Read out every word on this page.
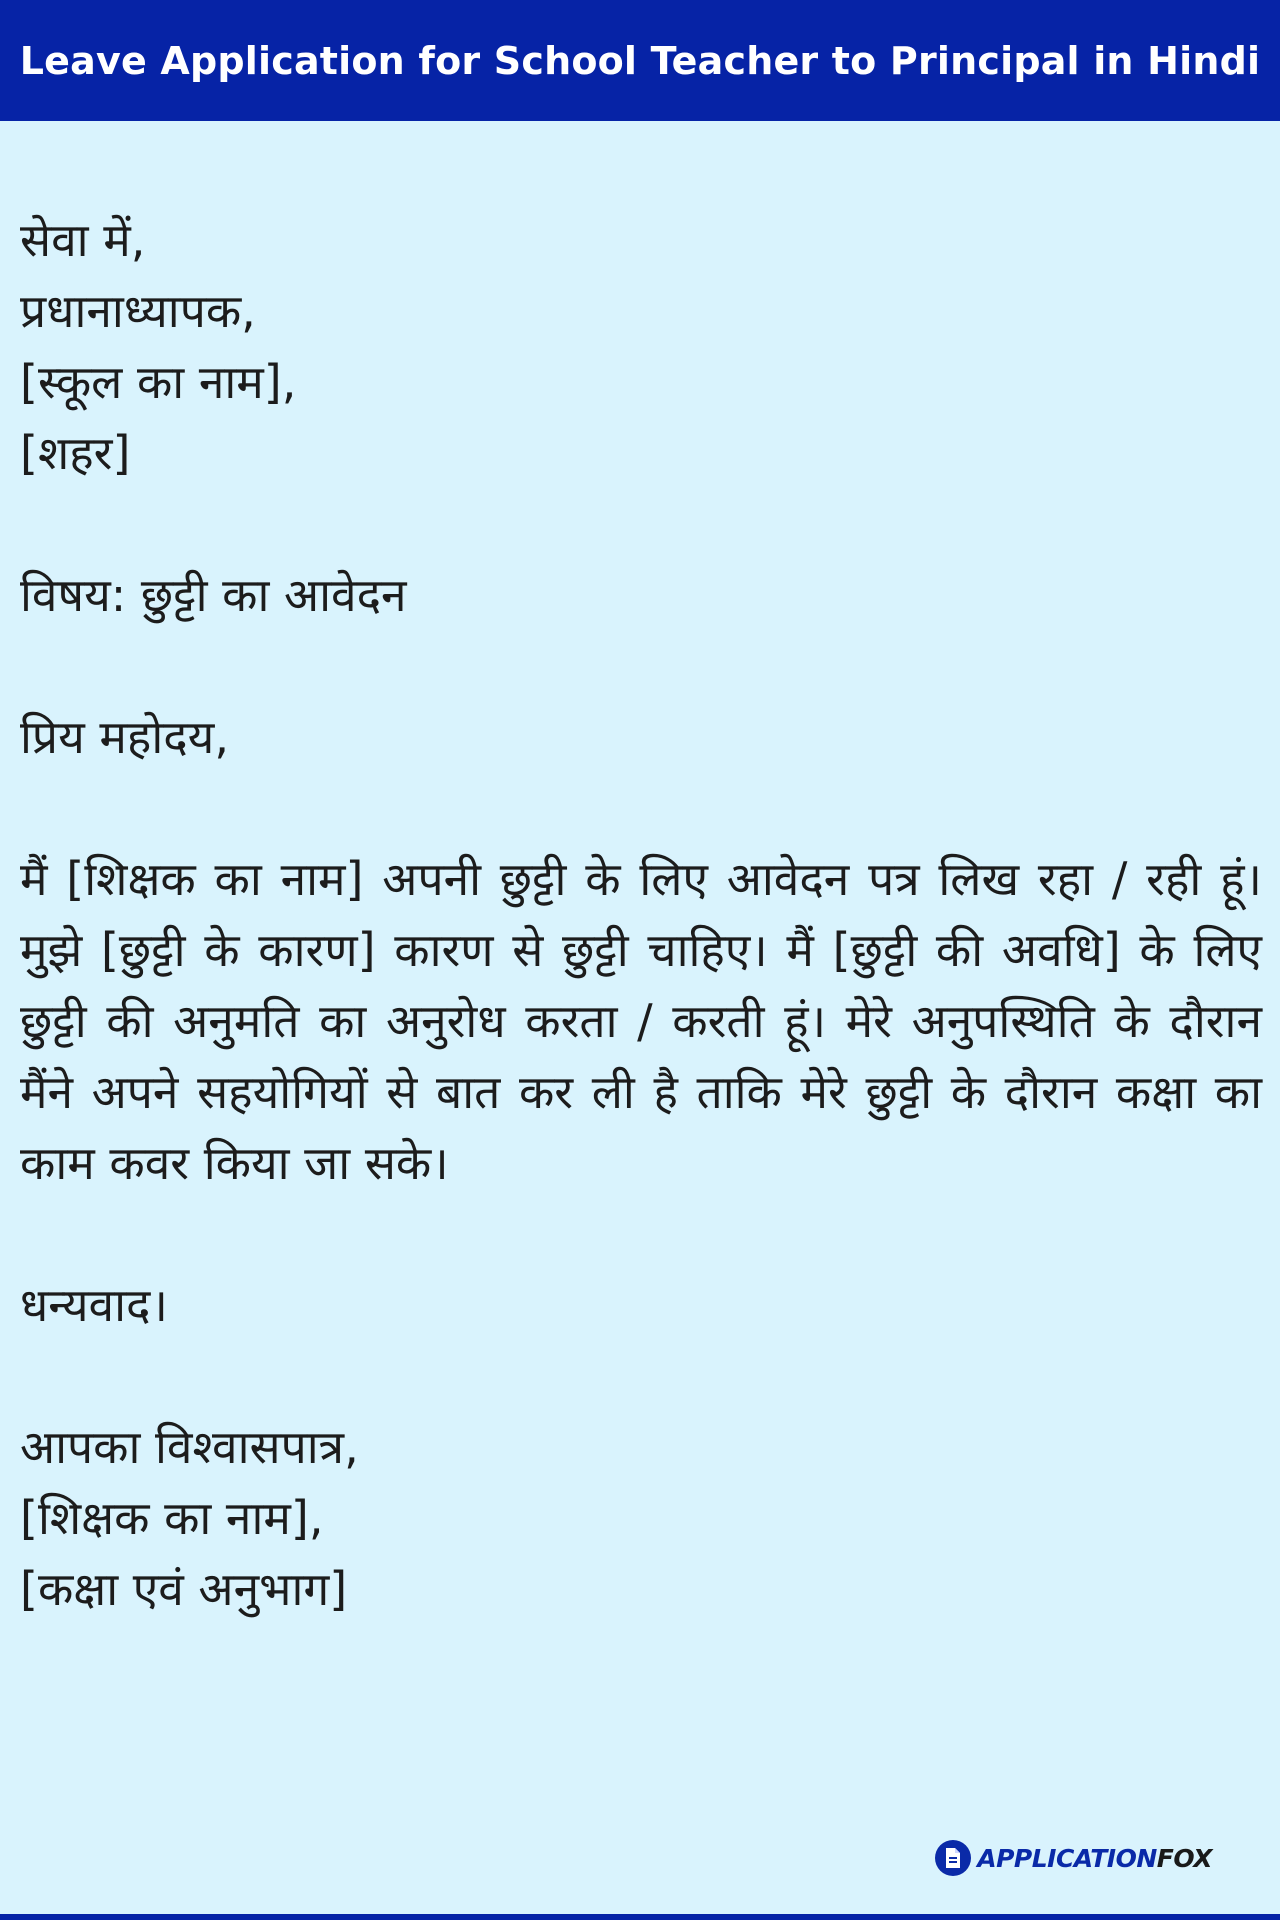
Leave Application for School Teacher to Principal in Hindi
सेवा में,
प्रधानाध्यापक,
[स्कूल का नाम],
[शहर]
विषय: छुट्टी का आवेदन
प्रिय महोदय,
मैं [शिक्षक का नाम] अपनी छुट्टी के लिए आवेदन पत्र लिख रहा / रही हूं। मुझे [छुट्टी के कारण] कारण से छुट्टी चाहिए। मैं [छुट्टी की अवधि] के लिए छुट्टी की अनुमति का अनुरोध करता / करती हूं। मेरे अनुपस्थिति के दौरान मैंने अपने सहयोगियों से बात कर ली है ताकि मेरे छुट्टी के दौरान कक्षा का काम कवर किया जा सके।
धन्यवाद।
आपका विश्वासपात्र,
[शिक्षक का नाम],
[कक्षा एवं अनुभाग]
APPLICATIONFOX
